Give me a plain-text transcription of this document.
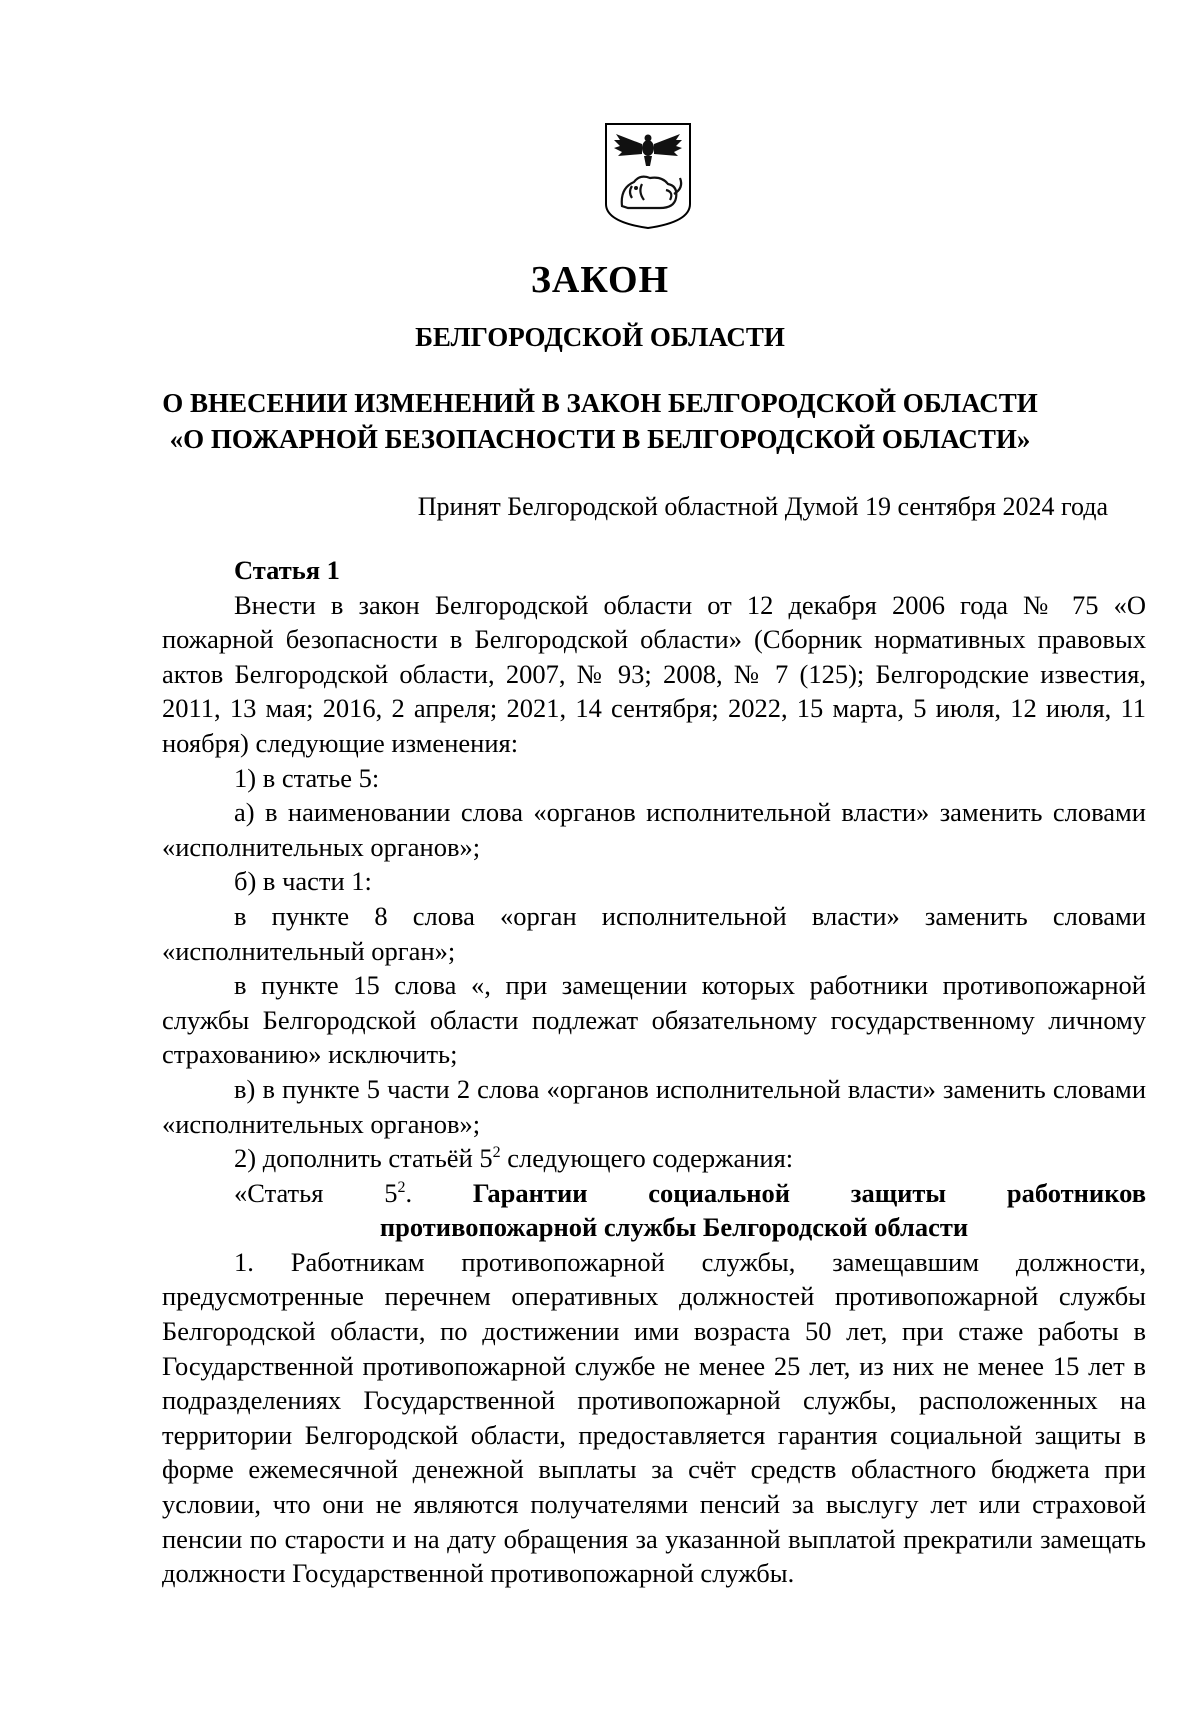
ЗАКОН
БЕЛГОРОДСКОЙ ОБЛАСТИ
О ВНЕСЕНИИ ИЗМЕНЕНИЙ В ЗАКОН БЕЛГОРОДСКОЙ ОБЛАСТИ
«О ПОЖАРНОЙ БЕЗОПАСНОСТИ В БЕЛГОРОДСКОЙ ОБЛАСТИ»

Принят Белгородской областной Думой 19 сентября 2024 года

Статья 1

Внести в закон Белгородской области от 12 декабря 2006 года № 75 «О пожарной безопасности в Белгородской области» (Сборник нормативных правовых актов Белгородской области, 2007, № 93; 2008, № 7 (125); Белгородские известия, 2011, 13 мая; 2016, 2 апреля; 2021, 14 сентября; 2022, 15 марта, 5 июля, 12 июля, 11 ноября) следующие изменения:

1) в статье 5:

а) в наименовании слова «органов исполнительной власти» заменить словами «исполнительных органов»;

б) в части 1:

в пункте 8 слова «орган исполнительной власти» заменить словами «исполнительный орган»;

в пункте 15 слова «, при замещении которых работники противопожарной службы Белгородской области подлежат обязательному государственному личному страхованию» исключить;

в) в пункте 5 части 2 слова «органов исполнительной власти» заменить словами «исполнительных органов»;

2) дополнить статьёй $5^2$ следующего содержания:

«Статья $5^2$. Гарантии социальной защиты работников

противопожарной службы Белгородской области

1. Работникам противопожарной службы, замещавшим должности, предусмотренные перечнем оперативных должностей противопожарной службы Белгородской области, по достижении ими возраста 50 лет, при стаже работы в Государственной противопожарной службе не менее 25 лет, из них не менее 15 лет в подразделениях Государственной противопожарной службы, расположенных на территории Белгородской области, предоставляется гарантия социальной защиты в форме ежемесячной денежной выплаты за счёт средств областного бюджета при условии, что они не являются получателями пенсий за выслугу лет или страховой пенсии по старости и на дату обращения за указанной выплатой прекратили замещать должности Государственной противопожарной службы.
